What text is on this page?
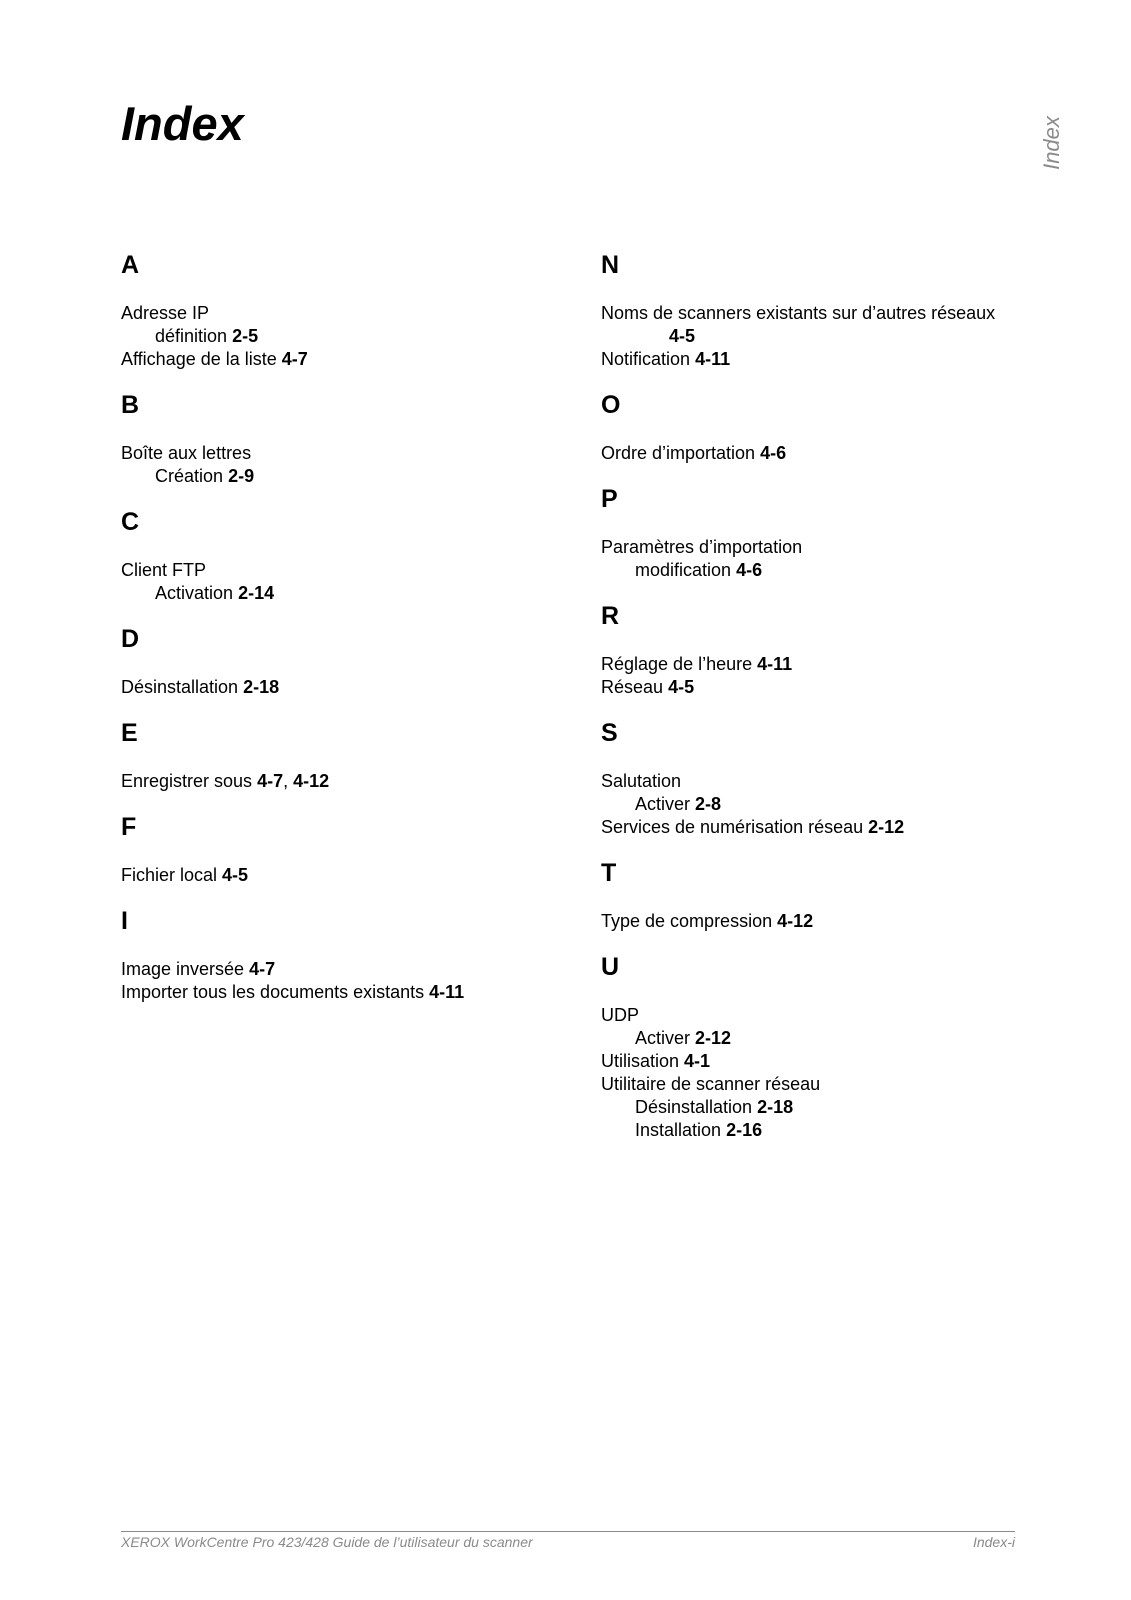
Index	Index
A
Adresse IP
définition 2-5
Affichage de la liste 4-7
B
Boîte aux lettres
Création 2-9
C
Client FTP
Activation 2-14
D
Désinstallation 2-18
E
Enregistrer sous 4-7, 4-12
F
Fichier local 4-5
I
Image inversée 4-7
Importer tous les documents existants 4-11
N
Noms de scanners existants sur d’autres réseaux
4-5
Notification 4-11
O
Ordre d’importation 4-6
P
Paramètres d’importation
modification 4-6
R
Réglage de l’heure 4-11
Réseau 4-5
S
Salutation
Activer 2-8
Services de numérisation réseau 2-12
T
Type de compression 4-12
U
UDP
Activer 2-12
Utilisation 4-1
Utilitaire de scanner réseau
Désinstallation 2-18
Installation 2-16
XEROX WorkCentre Pro 423/428 Guide de l’utilisateur du scanner	Index-i
